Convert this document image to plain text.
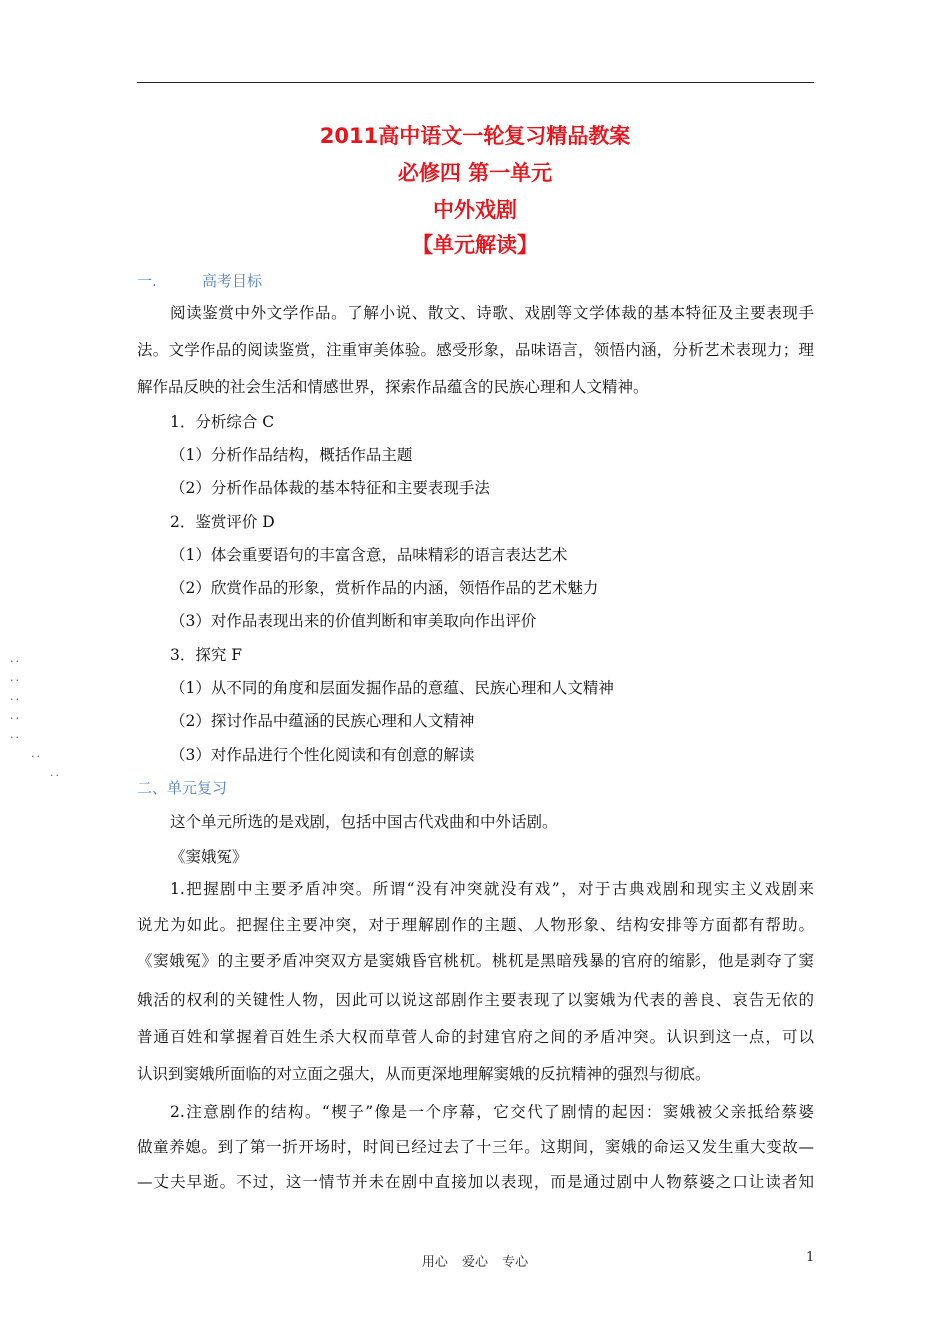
2011高中语文一轮复习精品教案
必修四 第一单元
中外戏剧
【单元解读】
一.	高考目标
阅读鉴赏中外文学作品。了解小说、散文、诗歌、戏剧等文学体裁的基本特征及主要表现手
法。文学作品的阅读鉴赏，注重审美体验。感受形象，品味语言，领悟内涵，分析艺术表现力；理
解作品反映的社会生活和情感世界，探索作品蕴含的民族心理和人文精神。
1．分析综合 C
（1）分析作品结构，概括作品主题
（2）分析作品体裁的基本特征和主要表现手法
2．鉴赏评价 D
（1）体会重要语句的丰富含意，品味精彩的语言表达艺术
（2）欣赏作品的形象，赏析作品的内涵，领悟作品的艺术魅力
（3）对作品表现出来的价值判断和审美取向作出评价
3．探究 F
（1）从不同的角度和层面发掘作品的意蕴、民族心理和人文精神
（2）探讨作品中蕴涵的民族心理和人文精神
（3）对作品进行个性化阅读和有创意的解读
二、单元复习
这个单元所选的是戏剧，包括中国古代戏曲和中外话剧。
《窦娥冤》
1.把握剧中主要矛盾冲突。所谓“没有冲突就没有戏”，对于古典戏剧和现实主义戏剧来
说尤为如此。把握住主要冲突，对于理解剧作的主题、人物形象、结构安排等方面都有帮助。
《窦娥冤》的主要矛盾冲突双方是窦娥昏官桃杌。桃杌是黑暗残暴的官府的缩影，他是剥夺了窦
娥活的权利的关键性人物，因此可以说这部剧作主要表现了以窦娥为代表的善良、哀告无依的
普通百姓和掌握着百姓生杀大权而草菅人命的封建官府之间的矛盾冲突。认识到这一点，可以
认识到窦娥所面临的对立面之强大，从而更深地理解窦娥的反抗精神的强烈与彻底。
2.注意剧作的结构。“楔子”像是一个序幕，它交代了剧情的起因：窦娥被父亲抵给蔡婆
做童养媳。到了第一折开场时，时间已经过去了十三年。这期间，窦娥的命运又发生重大变故—
—丈夫早逝。不过，这一情节并未在剧中直接加以表现，而是通过剧中人物蔡婆之口让读者知
..
..
..
..
..
..
..
用心 爱心 专心	1
